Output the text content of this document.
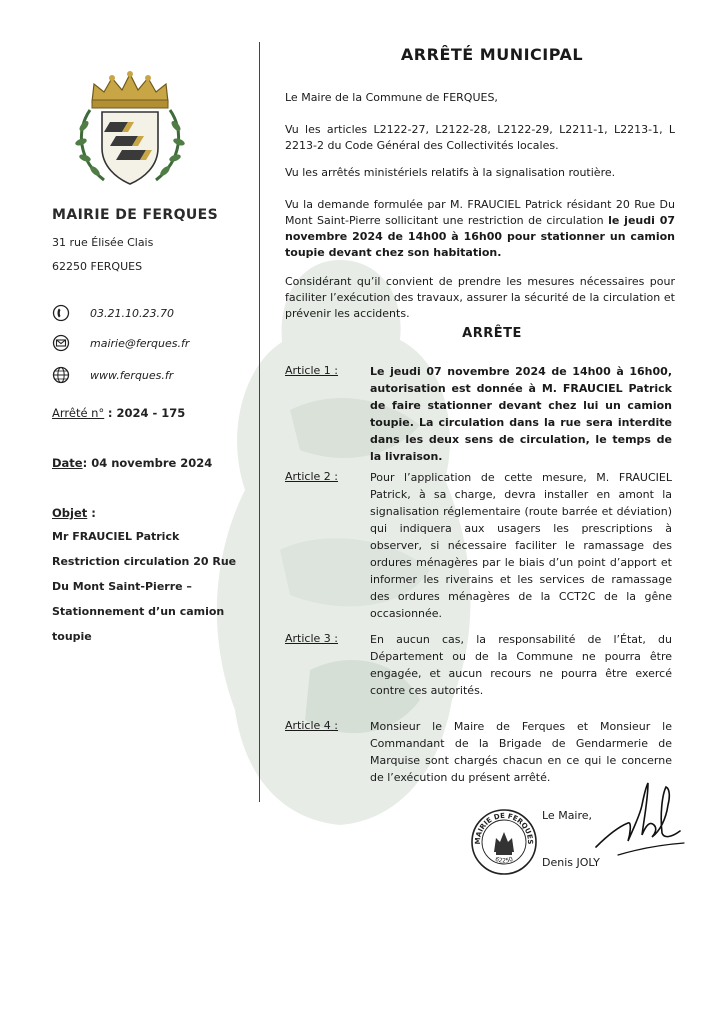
MAIRIE DE FERQUES
31 rue Élisée Clais
62250 FERQUES
03.21.10.23.70
mairie@ferques.fr
www.ferques.fr
Arrêté n° : 2024 - 175
Date: 04 novembre 2024
Objet :
Mr FRAUCIEL Patrick
Restriction circulation 20 Rue
Du Mont Saint-Pierre –
Stationnement d’un camion
toupie
ARRÊTÉ MUNICIPAL
Le Maire de la Commune de FERQUES,
Vu les articles L2122-27, L2122-28, L2122-29, L2211-1, L2213-1, L 2213-2 du Code Général des Collectivités locales.
Vu les arrêtés ministériels relatifs à la signalisation routière.
Vu la demande formulée par M. FRAUCIEL Patrick résidant 20 Rue Du Mont Saint-Pierre sollicitant une restriction de circulation le jeudi 07 novembre 2024 de 14h00 à 16h00 pour stationner un camion toupie devant chez son habitation.
Considérant qu’il convient de prendre les mesures nécessaires pour faciliter l’exécution des travaux, assurer la sécurité de la circulation et prévenir les accidents.
ARRÊTE
Article 1 :	Le jeudi 07 novembre 2024 de 14h00 à 16h00, autorisation est donnée à M. FRAUCIEL Patrick de faire stationner devant chez lui un camion toupie. La circulation dans la rue sera interdite dans les deux sens de circulation, le temps de la livraison.
Article 2 :	Pour l’application de cette mesure, M. FRAUCIEL Patrick, à sa charge, devra installer en amont la signalisation réglementaire (route barrée et déviation) qui indiquera aux usagers les prescriptions à observer, si nécessaire faciliter le ramassage des ordures ménagères par le biais d’un point d’apport et informer les riverains et les services de ramassage des ordures ménagères de la CCT2C de la gêne occasionnée.
Article 3 :	En aucun cas, la responsabilité de l’État, du Département ou de la Commune ne pourra être engagée, et aucun recours ne pourra être exercé contre ces autorités.
Article 4 :	Monsieur le Maire de Ferques et Monsieur le Commandant de la Brigade de Gendarmerie de Marquise sont chargés chacun en ce qui le concerne de l’exécution du présent arrêté.
Le Maire,
Denis JOLY
MAIRIE DE FERQUES
62250
